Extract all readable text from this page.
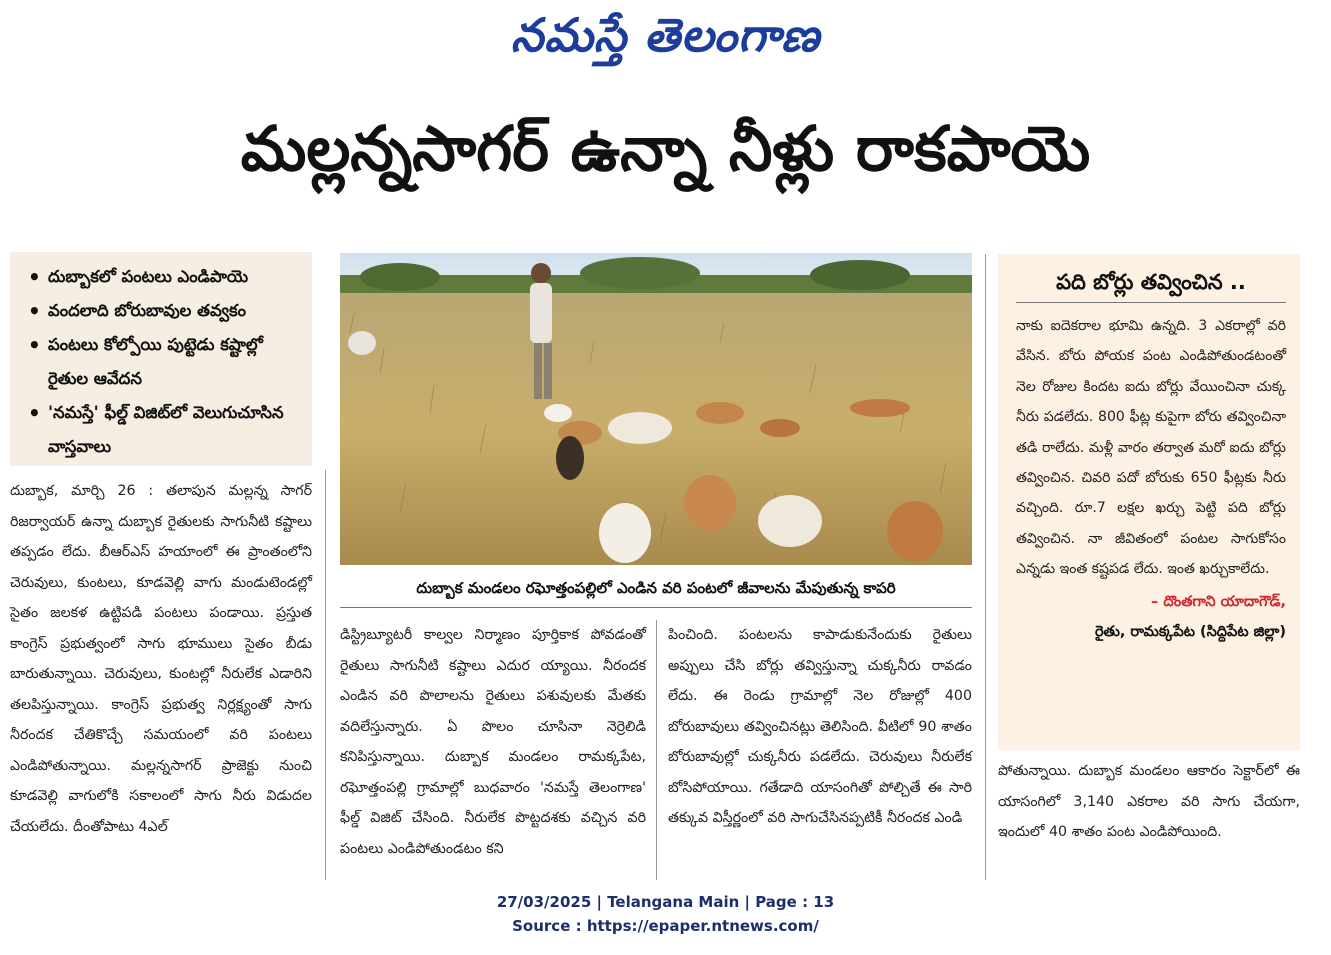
నమస్తే తెలంగాణ
మల్లన్నసాగర్ ఉన్నా నీళ్లు రాకపాయె
• దుబ్బాకలో పంటలు ఎండిపాయె
• వందలాది బోరుబావుల తవ్వకం
• పంటలు కోల్పోయి పుట్టెడు కష్టాల్లో రైతుల ఆవేదన
• 'నమస్తే' ఫీల్డ్ విజిట్‌లో వెలుగుచూసిన వాస్తవాలు

దుబ్బాక, మార్చి 26 : తలాపున మల్లన్న సాగర్ రిజర్వాయర్ ఉన్నా దుబ్బాక రైతులకు సాగునీటి కష్టాలు తప్పడం లేదు. బీఆర్‌ఎస్ హయాంలో ఈ ప్రాంతంలోని చెరువులు, కుంటలు, కూడవెల్లి వాగు మండుటెండల్లో సైతం జలకళ ఉట్టిపడి పంటలు పండాయి. ప్రస్తుత కాంగ్రెస్ ప్రభుత్వంలో సాగు భూములు సైతం బీడు బారుతున్నాయి. చెరువులు, కుంటల్లో నీరులేక ఎడారిని తలపిస్తున్నాయి. కాంగ్రెస్ ప్రభుత్వ నిర్లక్ష్యంతో సాగు నీరందక చేతికొచ్చే సమయంలో వరి పంటలు ఎండిపోతున్నాయి. మల్లన్నసాగర్ ప్రాజెక్టు నుంచి కూడవెల్లి వాగులోకి సకాలంలో సాగు నీరు విడుదల చేయలేదు. దీంతోపాటు 4ఎల్

దుబ్బాక మండలం రఘోత్తంపల్లిలో ఎండిన వరి పంటలో జీవాలను మేపుతున్న కాపరి

డిస్ట్రిబ్యూటరీ కాల్వల నిర్మాణం పూర్తికాక పోవడంతో రైతులు సాగునీటి కష్టాలు ఎదుర య్యాయి. నీరందక ఎండిన వరి పొలాలను రైతులు పశువులకు మేతకు వదిలేస్తున్నారు. ఏ పొలం చూసినా నెర్రెలిడి కనిపిస్తున్నాయి. దుబ్బాక మండలం రామక్కపేట, రఘోత్తంపల్లి గ్రామాల్లో బుధవారం 'నమస్తే తెలంగాణ' ఫీల్డ్ విజిట్ చేసింది. నీరులేక పొట్టదశకు వచ్చిన వరి పంటలు ఎండిపోతుండటం కని

పించింది. పంటలను కాపాడుకునేందుకు రైతులు అప్పులు చేసి బోర్లు తవ్విస్తున్నా చుక్కనీరు రావడం లేదు. ఈ రెండు గ్రామాల్లో నెల రోజుల్లో 400 బోరుబావులు తవ్వించినట్లు తెలిసింది. వీటిలో 90 శాతం బోరుబావుల్లో చుక్కనీరు పడలేదు. చెరువులు నీరులేక బోసిపోయాయి. గతేడాది యాసంగితో పోల్చితే ఈ సారి తక్కువ విస్తీర్ణంలో వరి సాగుచేసినప్పటికీ నీరందక ఎండి

పది బోర్లు తవ్వించిన ..

నాకు ఐదెకరాల భూమి ఉన్నది. 3 ఎకరాల్లో వరి వేసిన. బోరు పోయక పంట ఎండిపోతుండటంతో నెల రోజుల కిందట ఐదు బోర్లు వేయించినా చుక్క నీరు పడలేదు. 800 ఫీట్ల కుపైగా బోరు తవ్వించినా తడి రాలేదు. మళ్లీ వారం తర్వాత మరో ఐదు బోర్లు తవ్వించిన. చివరి పదో బోరుకు 650 ఫీట్లకు నీరు వచ్చింది. రూ.7 లక్షల ఖర్చు పెట్టి పది బోర్లు తవ్వించిన. నా జీవితంలో పంటల సాగుకోసం ఎన్నడు ఇంత కష్టపడ లేదు. ఇంత ఖర్చుకాలేదు.

– దొంతగాని యాదాగౌడ్,
రైతు, రామక్కపేట (సిద్దిపేట జిల్లా)

పోతున్నాయి. దుబ్బాక మండలం ఆకారం సెక్టార్‌లో ఈ యాసంగిలో 3,140 ఎకరాల వరి సాగు చేయగా, ఇందులో 40 శాతం పంట ఎండిపోయింది.

27/03/2025 | Telangana Main | Page : 13
Source : https://epaper.ntnews.com/
